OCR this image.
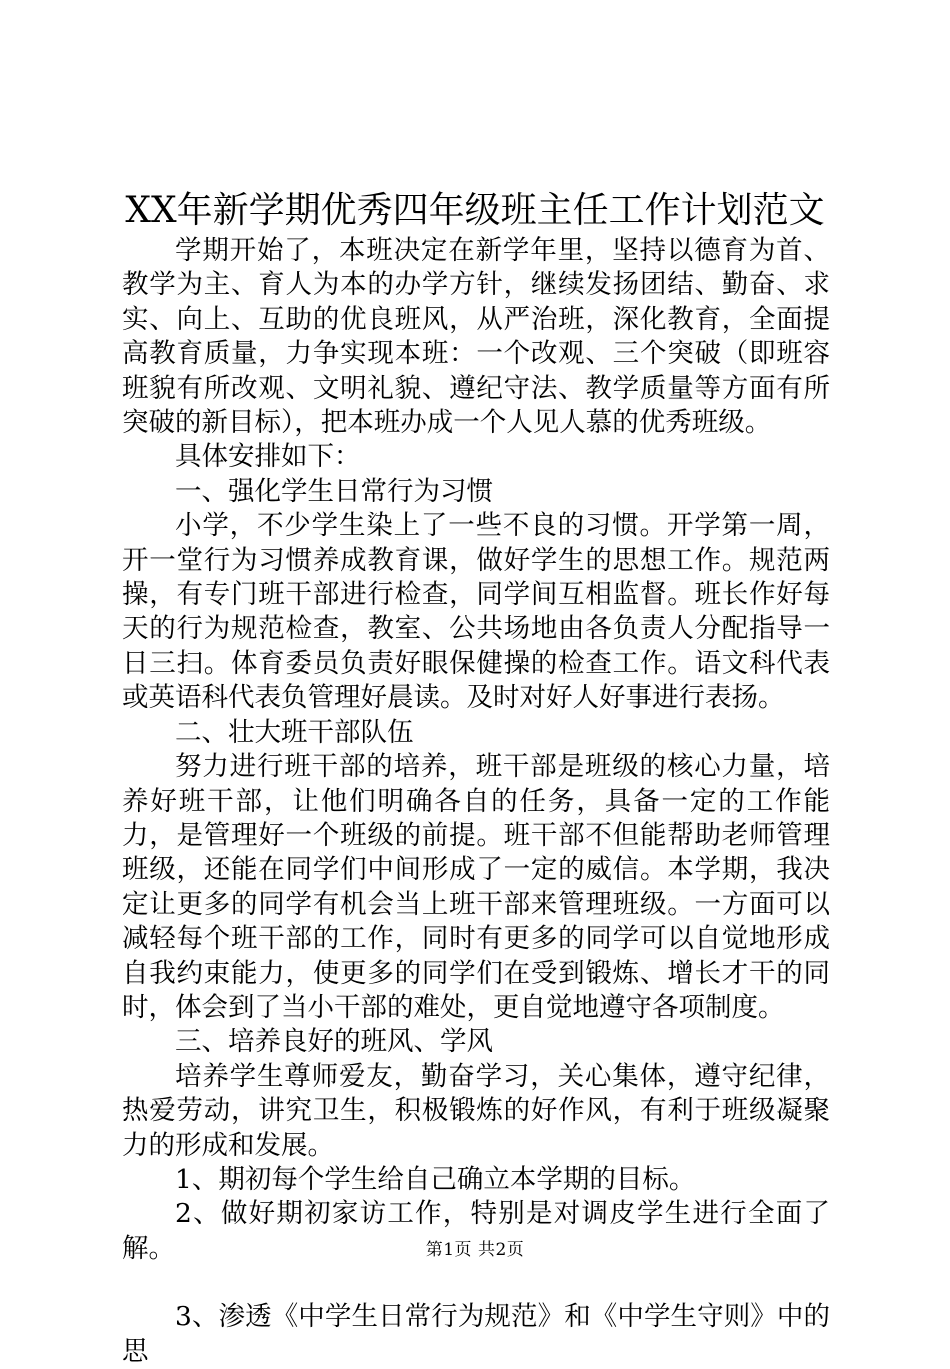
XX年新学期优秀四年级班主任工作计划范文

学期开始了，本班决定在新学年里，坚持以德育为首、教学为主、育人为本的办学方针，继续发扬团结、勤奋、求实、向上、互助的优良班风，从严治班，深化教育，全面提高教育质量，力争实现本班：一个改观、三个突破（即班容班貌有所改观、文明礼貌、遵纪守法、教学质量等方面有所突破的新目标），把本班办成一个人见人慕的优秀班级。

具体安排如下：

一、强化学生日常行为习惯

小学，不少学生染上了一些不良的习惯。开学第一周，开一堂行为习惯养成教育课，做好学生的思想工作。规范两操，有专门班干部进行检查，同学间互相监督。班长作好每天的行为规范检查，教室、公共场地由各负责人分配指导一日三扫。体育委员负责好眼保健操的检查工作。语文科代表或英语科代表负管理好晨读。及时对好人好事进行表扬。

二、壮大班干部队伍

努力进行班干部的培养，班干部是班级的核心力量，培养好班干部，让他们明确各自的任务，具备一定的工作能力，是管理好一个班级的前提。班干部不但能帮助老师管理班级，还能在同学们中间形成了一定的威信。本学期，我决定让更多的同学有机会当上班干部来管理班级。一方面可以减轻每个班干部的工作，同时有更多的同学可以自觉地形成自我约束能力，使更多的同学们在受到锻炼、增长才干的同时，体会到了当小干部的难处，更自觉地遵守各项制度。

三、培养良好的班风、学风

培养学生尊师爱友，勤奋学习，关心集体，遵守纪律，热爱劳动，讲究卫生，积极锻炼的好作风，有利于班级凝聚力的形成和发展。

1、期初每个学生给自己确立本学期的目标。

2、做好期初家访工作，特别是对调皮学生进行全面了解。

3、渗透《中学生日常行为规范》和《中学生守则》中的思

第1页 共2页
